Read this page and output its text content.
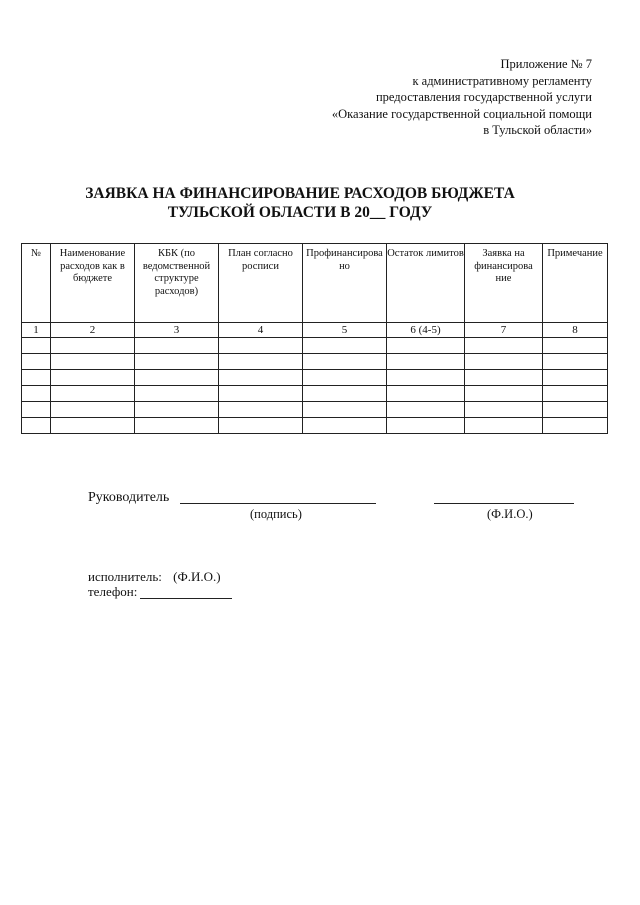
Приложение № 7
к административному регламенту
предоставления государственной услуги
«Оказание государственной социальной помощи
в Тульской области»
ЗАЯВКА НА ФИНАНСИРОВАНИЕ РАСХОДОВ БЮДЖЕТА
ТУЛЬСКОЙ ОБЛАСТИ В 20__ ГОДУ
№	Наименование расходов как в бюджете	КБК (по ведомственной структуре расходов)	План согласно росписи	Профинансирова но	Остаток лимитов	Заявка на финансирова ние	Примечание
1	2	3	4	5	6 (4-5)	7	8

Руководитель
(подпись)	(Ф.И.О.)
исполнитель: (Ф.И.О.)
телефон:
